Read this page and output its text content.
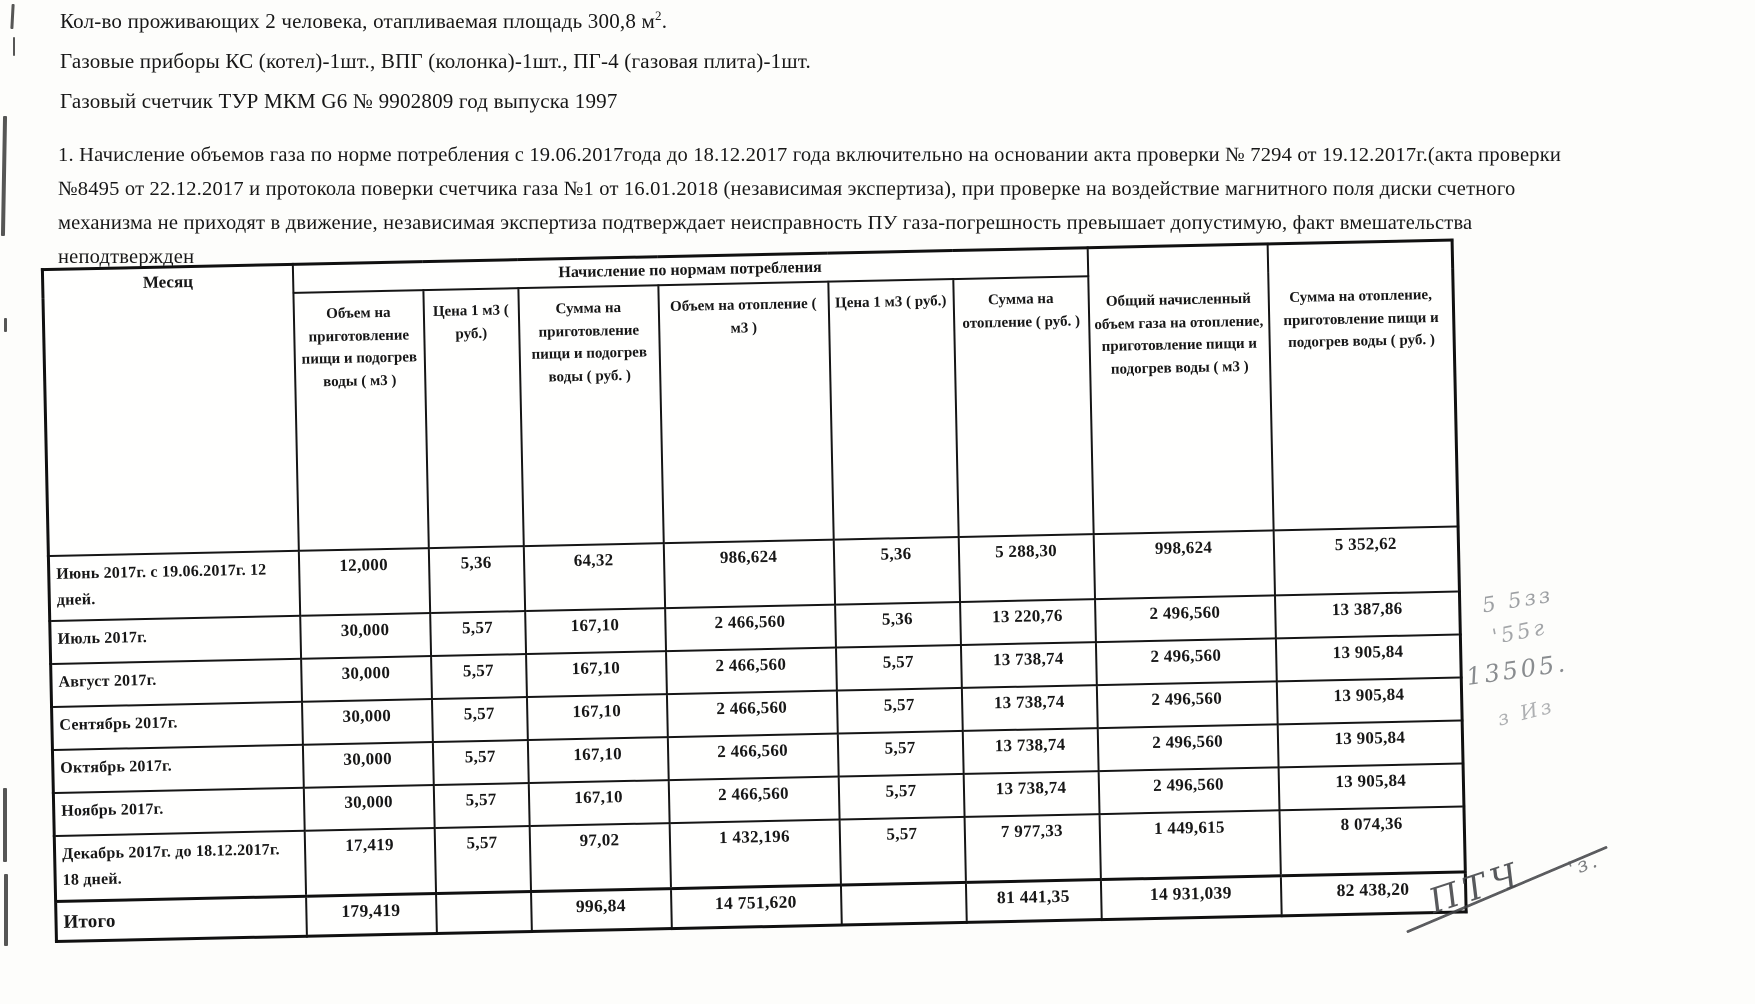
Кол-во проживающих 2 человека, отапливаемая площадь 300,8 $м^2$.
Газовые приборы КС (котел)-1шт., ВПГ (колонка)-1шт., ПГ-4 (газовая плита)-1шт.
Газовый счетчик ТУР МКМ G6 № 9902809 год выпуска 1997
1. Начисление объемов газа по норме потребления с 19.06.2017года до 18.12.2017 года включительно на основании акта проверки № 7294 от 19.12.2017г.(акта проверки №8495 от 22.12.2017 и протокола поверки счетчика газа №1 от 16.01.2018 (независимая экспертиза), при проверке на воздействие магнитного поля диски счетного механизма не приходят в движение, независимая экспертиза подтверждает неисправность ПУ газа-погрешность превышает допустимую, факт вмешательства неподтвержден
Месяц	Начисление по нормам потребления						Общий начисленный объем газа на отопление, приготовление пищи и подогрев воды ( м3 )	Сумма на отопление, приготовление пищи и подогрев воды ( руб. )
	Объем на приготовление пищи и подогрев воды ( м3 )	Цена 1 м3 ( руб.)	Сумма на приготовление пищи и подогрев воды ( руб. )	Объем на отопление ( м3 )	Цена 1 м3 ( руб.)	Сумма на отопление ( руб. )		
Июнь 2017г. с 19.06.2017г. 12 дней.	12,000	5,36	64,32	986,624	5,36	5 288,30	998,624	5 352,62
Июль 2017г.	30,000	5,57	167,10	2 466,560	5,36	13 220,76	2 496,560	13 387,86
Август 2017г.	30,000	5,57	167,10	2 466,560	5,57	13 738,74	2 496,560	13 905,84
Сентябрь 2017г.	30,000	5,57	167,10	2 466,560	5,57	13 738,74	2 496,560	13 905,84
Октябрь 2017г.	30,000	5,57	167,10	2 466,560	5,57	13 738,74	2 496,560	13 905,84
Ноябрь 2017г.	30,000	5,57	167,10	2 466,560	5,57	13 738,74	2 496,560	13 905,84
Декабрь 2017г. до 18.12.2017г. 18 дней.	17,419	5,57	97,02	1 432,196	5,57	7 977,33	1 449,615	8 074,36
Итого	179,419		996,84	14 751,620		81 441,35	14 931,039	82 438,20
5 5зз
'55г
13505.
з Из
ПТЧ 'з.
